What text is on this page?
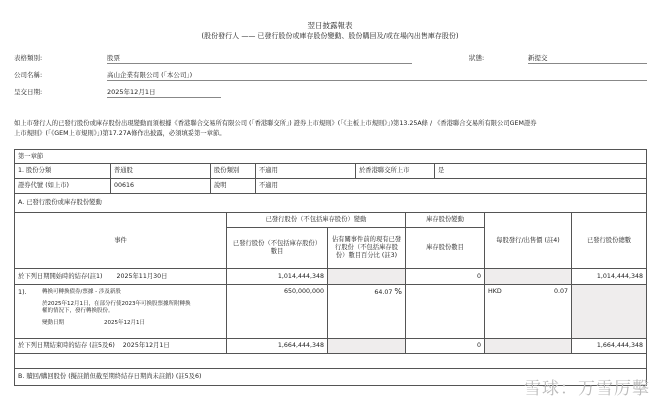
翌日披露報表
(股份發行人 —— 已發行股份或庫存股份變動、股份購回及/或在場內出售庫存股份)
表格類別:	股票	狀態:	新提交
公司名稱:	高山企業有限公司 (「本公司」)
呈交日期:	2025年12月1日
如上市發行人的已發行股份或庫存股份出現變動而須根據《香港聯合交易所有限公司 (「香港聯交所」) 證券上市規則》(「《主板上市規則》」)第13.25A條 / 《香港聯合交易所有限公司GEM證券
上市規則》(「《GEM上市規則》」)第17.27A條作出披露，必須填妥第一章節。
第一章節					
1. 股份分類	普通股	股份類別	不適用	於香港聯交所上市	是
證券代號 (如上市)	00616	說明	不適用		
A. 已發行股份或庫存股份變動					
事件	已發行股份（不包括庫存股份）變動		庫存股份變動	每股發行/出售價 (註4)	已發行股份總數
	已發行股份（不包括庫存股份）數目	佔有關事件前的現有已發行股份（不包括庫存股份）數目百分比 (註3)	庫存股份數目		
於下列日期開始時的結存(註1) 2025年11月30日	1,014,444,348		0		1,014,444,348

1).	轉換可轉換債券/票據 - 涉及新股
於2025年12月1日，在部分行使2023年可換股票據所附轉換權的情況下，發行轉換股份。
變動日期	2025年12月1日
	650,000,000	64.07 %		HKD	0.07

於下列日期結束時的結存 (註5及6) 2025年12月1日	1,664,444,348		0		1,664,444,348

B. 贖回/購回股份 (擬註銷但截至期終結存日期尚未註銷) (註5及6)					
雪球：万雪厉擊
